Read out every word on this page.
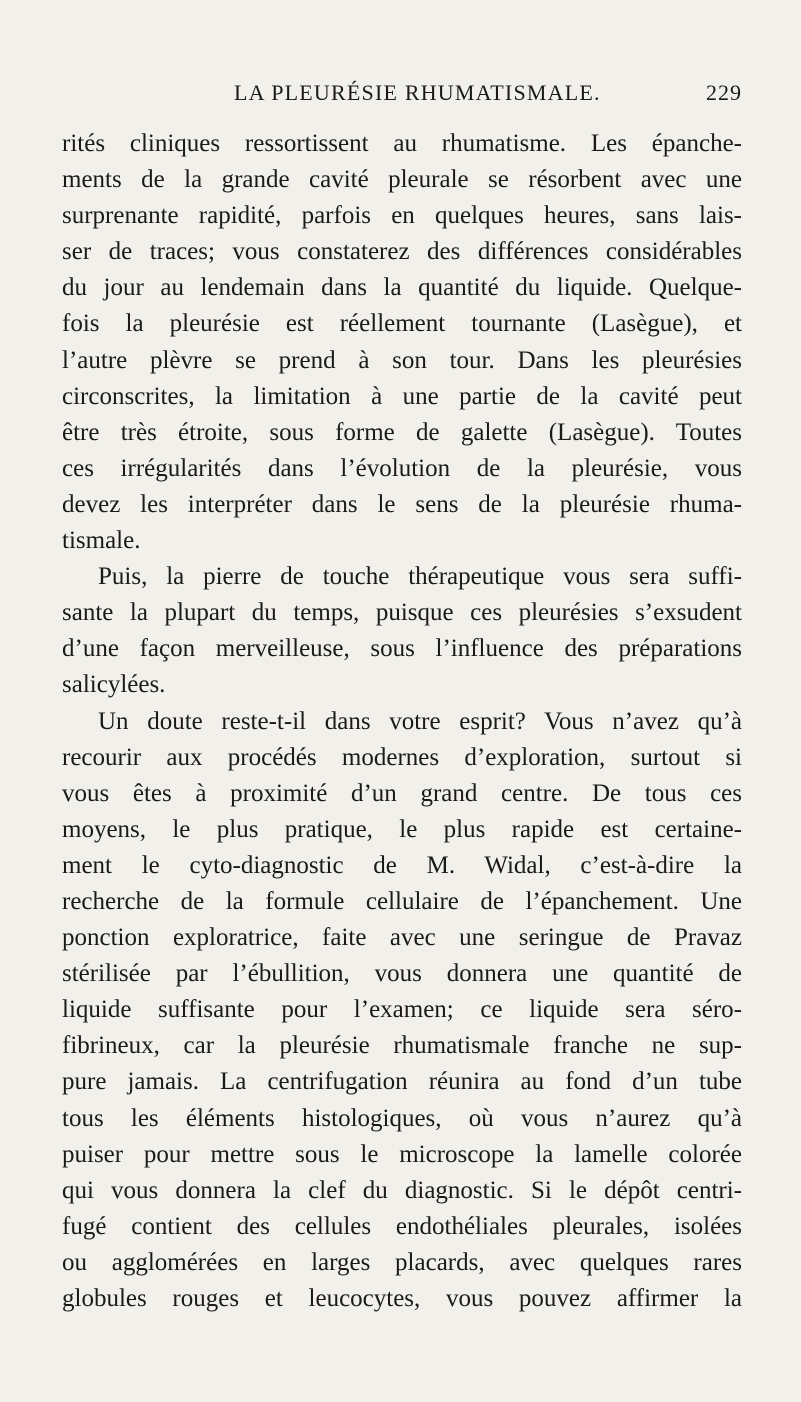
LA PLEURÉSIE RHUMATISMALE.	229
rités cliniques ressortissent au rhumatisme. Les épanche-
ments de la grande cavité pleurale se résorbent avec une
surprenante rapidité, parfois en quelques heures, sans lais-
ser de traces; vous constaterez des différences considérables
du jour au lendemain dans la quantité du liquide. Quelque-
fois la pleurésie est réellement tournante (Lasègue), et
l’autre plèvre se prend à son tour. Dans les pleurésies
circonscrites, la limitation à une partie de la cavité peut
être très étroite, sous forme de galette (Lasègue). Toutes
ces irrégularités dans l’évolution de la pleurésie, vous
devez les interpréter dans le sens de la pleurésie rhuma-
tismale.
Puis, la pierre de touche thérapeutique vous sera suffi-
sante la plupart du temps, puisque ces pleurésies s’exsudent
d’une façon merveilleuse, sous l’influence des préparations
salicylées.
Un doute reste-t-il dans votre esprit? Vous n’avez qu’à
recourir aux procédés modernes d’exploration, surtout si
vous êtes à proximité d’un grand centre. De tous ces
moyens, le plus pratique, le plus rapide est certaine-
ment le cyto-diagnostic de M. Widal, c’est-à-dire la
recherche de la formule cellulaire de l’épanchement. Une
ponction exploratrice, faite avec une seringue de Pravaz
stérilisée par l’ébullition, vous donnera une quantité de
liquide suffisante pour l’examen; ce liquide sera séro-
fibrineux, car la pleurésie rhumatismale franche ne sup-
pure jamais. La centrifugation réunira au fond d’un tube
tous les éléments histologiques, où vous n’aurez qu’à
puiser pour mettre sous le microscope la lamelle colorée
qui vous donnera la clef du diagnostic. Si le dépôt centri-
fugé contient des cellules endothéliales pleurales, isolées
ou agglomérées en larges placards, avec quelques rares
globules rouges et leucocytes, vous pouvez affirmer la
